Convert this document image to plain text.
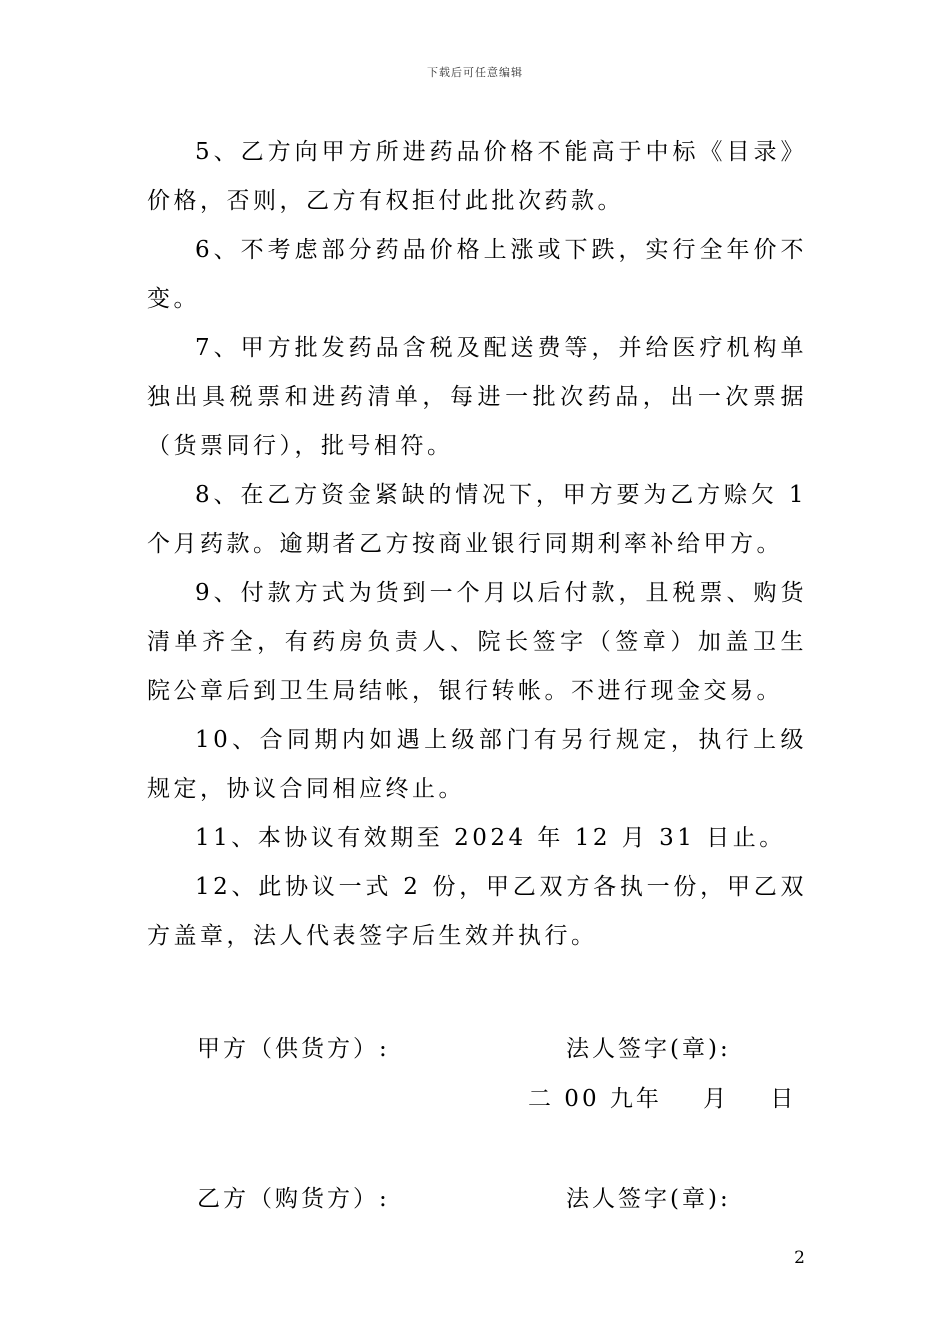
下载后可任意编辑

5、乙方向甲方所进药品价格不能高于中标《目录》价格，否则，乙方有权拒付此批次药款。

6、不考虑部分药品价格上涨或下跌，实行全年价不变。

7、甲方批发药品含税及配送费等，并给医疗机构单独出具税票和进药清单，每进一批次药品，出一次票据（货票同行），批号相符。

8、在乙方资金紧缺的情况下，甲方要为乙方赊欠 1 个月药款。逾期者乙方按商业银行同期利率补给甲方。

9、付款方式为货到一个月以后付款，且税票、购货清单齐全，有药房负责人、院长签字（签章）加盖卫生院公章后到卫生局结帐，银行转帐。不进行现金交易。

10、合同期内如遇上级部门有另行规定，执行上级规定，协议合同相应终止。

11、本协议有效期至 2024 年 12 月 31 日止。

12、此协议一式 2 份，甲乙双方各执一份，甲乙双方盖章，法人代表签字后生效并执行。

甲方（供货方）:	法人签字(章):
二 00 九年    月    日
乙方（购货方）:	法人签字(章):
2
